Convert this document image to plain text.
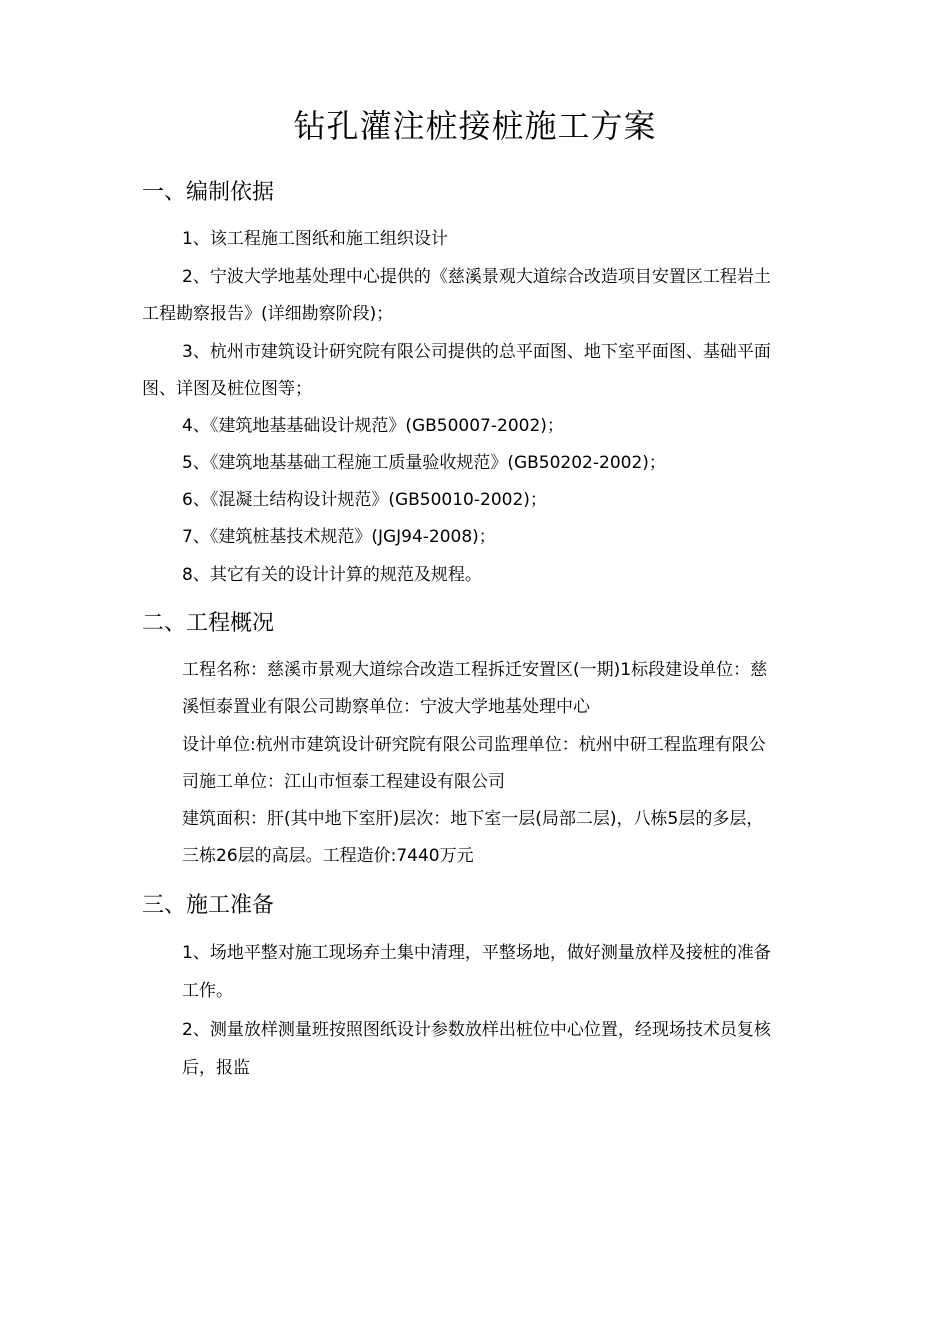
钻孔灌注桩接桩施工方案
一、编制依据
1、该工程施工图纸和施工组织设计
2、宁波大学地基处理中心提供的《慈溪景观大道综合改造项目安置区工程岩土
工程勘察报告》(详细勘察阶段)；
3、杭州市建筑设计研究院有限公司提供的总平面图、地下室平面图、基础平面
图、详图及桩位图等；
4、《建筑地基基础设计规范》(GB50007-2002)；
5、《建筑地基基础工程施工质量验收规范》(GB50202-2002)；
6、《混凝土结构设计规范》(GB50010-2002)；
7、《建筑桩基技术规范》(JGJ94-2008)；
8、其它有关的设计计算的规范及规程。
二、工程概况
工程名称：慈溪市景观大道综合改造工程拆迁安置区(一期)1标段建设单位：慈
溪恒泰置业有限公司勘察单位：宁波大学地基处理中心
设计单位:杭州市建筑设计研究院有限公司监理单位：杭州中研工程监理有限公
司施工单位：江山市恒泰工程建设有限公司
建筑面积：肝(其中地下室肝)层次：地下室一层(局部二层)，八栋5层的多层，
三栋26层的高层。工程造价:7440万元
三、施工准备
1、场地平整对施工现场弃土集中清理，平整场地，做好测量放样及接桩的准备
工作。
2、测量放样测量班按照图纸设计参数放样出桩位中心位置，经现场技术员复核
后，报监
